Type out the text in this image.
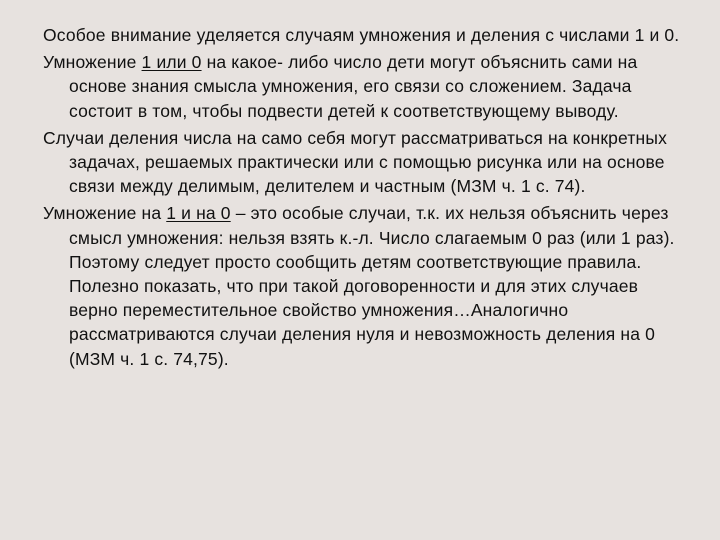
Особое внимание уделяется случаям умножения и деления с числами 1 и 0.

Умножение 1 или 0 на какое- либо число дети могут объяснить сами на основе знания смысла умножения, его связи со сложением. Задача состоит в том, чтобы подвести детей к соответствующему выводу.

Случаи деления числа на само себя могут рассматриваться на конкретных задачах, решаемых практически или с помощью рисунка или на основе связи между делимым, делителем и частным (МЗМ ч. 1 с. 74).

Умножение на 1 и на 0 – это особые случаи, т.к. их нельзя объяснить через смысл умножения: нельзя взять к.-л. Число слагаемым 0 раз (или 1 раз). Поэтому следует просто сообщить детям соответствующие правила. Полезно показать, что при такой договоренности и для этих случаев верно переместительное свойство умножения…Аналогично рассматриваются случаи деления нуля и невозможность деления на 0 (МЗМ ч. 1 с. 74,75).
